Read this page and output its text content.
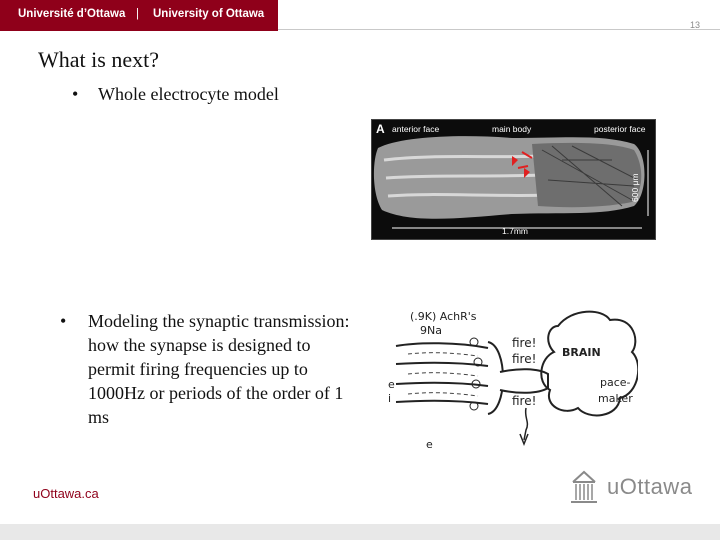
Université d’Ottawa | University of Ottawa
13
What is next?
• Whole electrocyte model
A anterior face	main body	posterior face
1.7mm
600 μm
•	Modeling the synaptic transmission: how the synapse is designed to permit firing frequencies up to 1000Hz or periods of the order of 1 ms
(.9K) AchR's
9Na
fire!
fire!
fire!
BRAIN
pace-
maker
e
i
e
uOttawa.ca	uOttawa
